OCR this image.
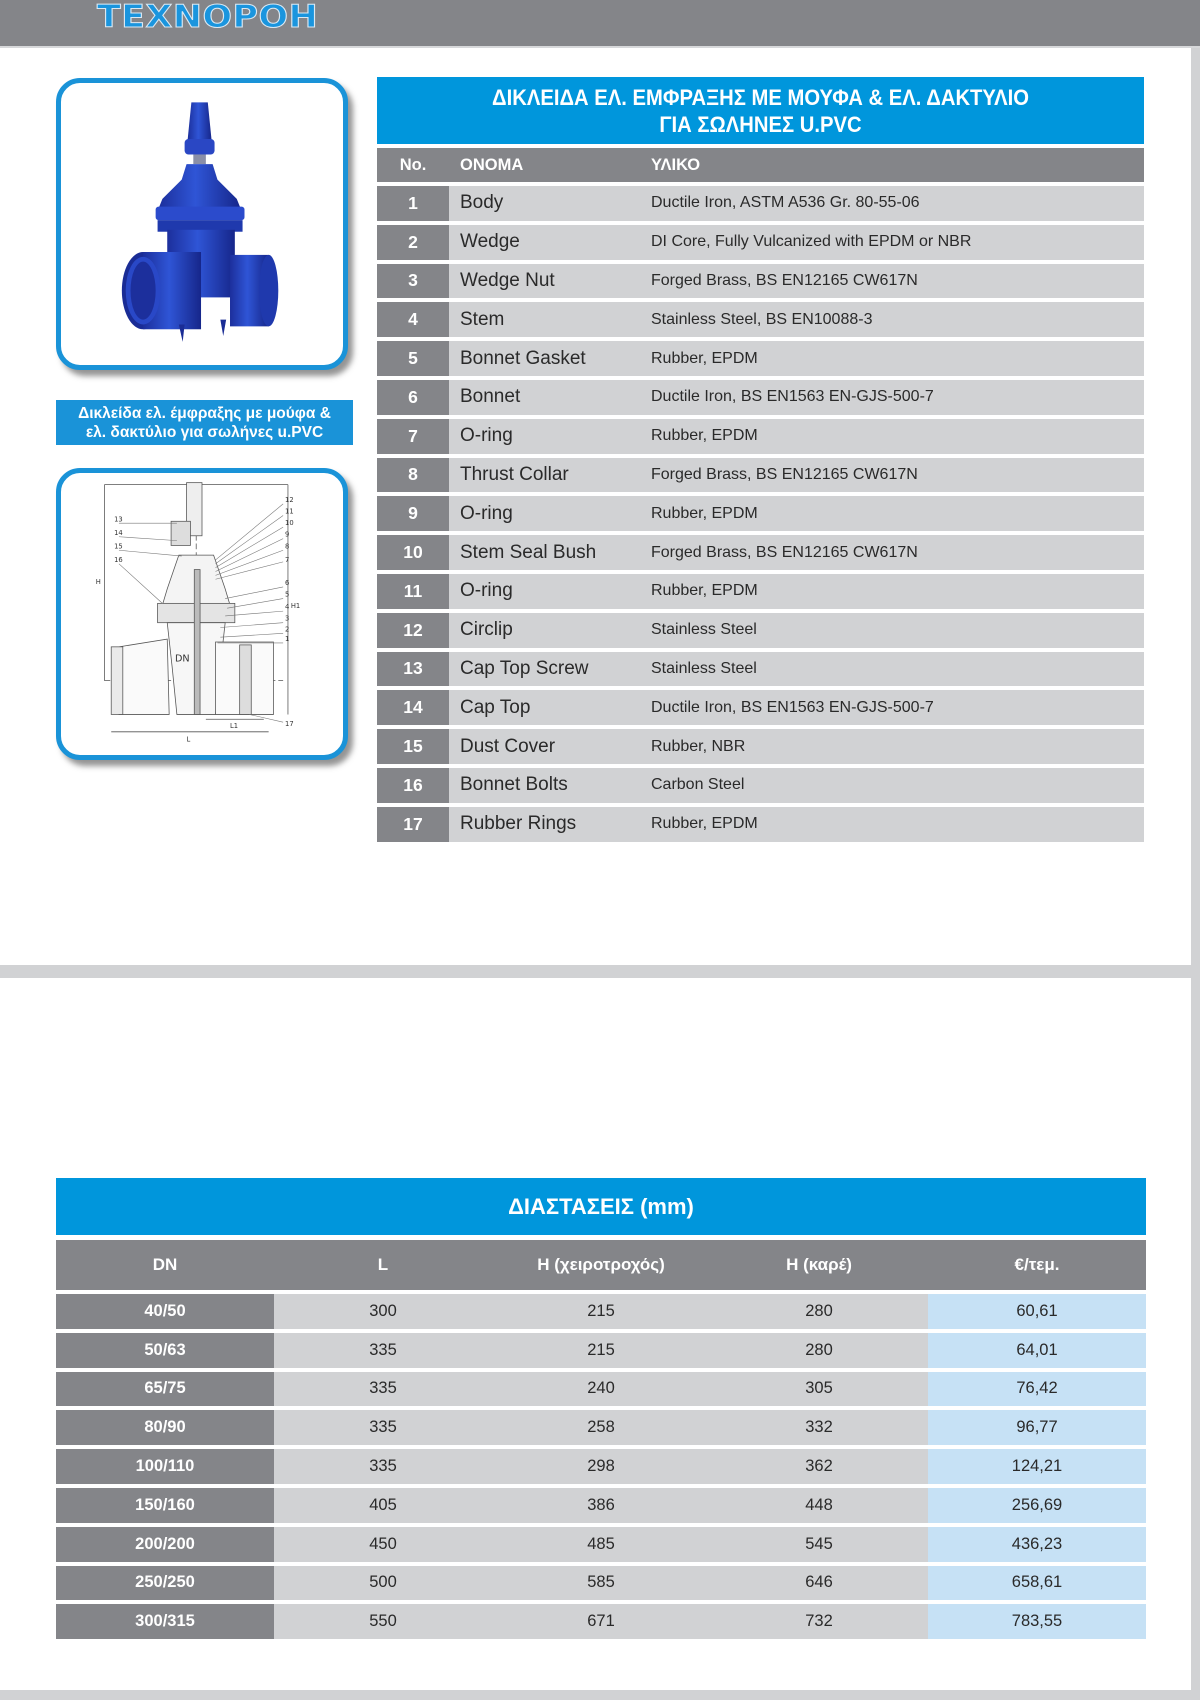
ΤΕΧΝΟΡΟΗ
Δικλείδα ελ. έμφραξης με μούφα &
ελ. δακτύλιο για σωλήνες u.PVC
12
11
10
9
8
7
6
5
4
3
2
1
13
14
15
16
17
DN
L
L1
H
H1
ΔΙΚΛΕΙΔΑ ΕΛ. ΕΜΦΡΑΞΗΣ ΜΕ ΜΟΥΦΑ & ΕΛ. ΔΑΚΤΥΛΙΟ
ΓΙΑ ΣΩΛΗΝΕΣ U.PVC
No.	ΟΝΟΜΑ	ΥΛΙΚΟ
1	Body	Ductile Iron, ASTM A536 Gr. 80-55-06
2	Wedge	DI Core, Fully Vulcanized with EPDM or NBR
3	Wedge Nut	Forged Brass, BS EN12165 CW617N
4	Stem	Stainless Steel, BS EN10088-3
5	Bonnet Gasket	Rubber, EPDM
6	Bonnet	Ductile Iron, BS EN1563 EN-GJS-500-7
7	O-ring	Rubber, EPDM
8	Thrust Collar	Forged Brass, BS EN12165 CW617N
9	O-ring	Rubber, EPDM
10	Stem Seal Bush	Forged Brass, BS EN12165 CW617N
11	O-ring	Rubber, EPDM
12	Circlip	Stainless Steel
13	Cap Top Screw	Stainless Steel
14	Cap Top	Ductile Iron, BS EN1563 EN-GJS-500-7
15	Dust Cover	Rubber, NBR
16	Bonnet Bolts	Carbon Steel
17	Rubber Rings	Rubber, EPDM
ΔΙΑΣΤΑΣΕΙΣ (mm)
DN	L	H (χειροτροχός)	H (καρέ)	€/τεμ.
40/50	300	215	280	60,61
50/63	335	215	280	64,01
65/75	335	240	305	76,42
80/90	335	258	332	96,77
100/110	335	298	362	124,21
150/160	405	386	448	256,69
200/200	450	485	545	436,23
250/250	500	585	646	658,61
300/315	550	671	732	783,55
